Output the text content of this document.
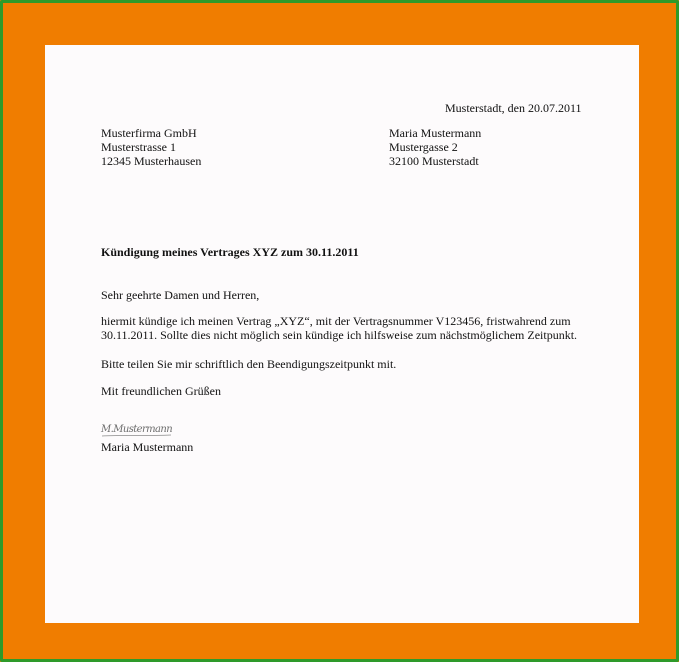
Musterstadt, den 20.07.2011
Musterfirma GmbH
Musterstrasse 1
12345 Musterhausen
Maria Mustermann
Mustergasse 2
32100 Musterstadt
Kündigung meines Vertrages XYZ zum 30.11.2011
Sehr geehrte Damen und Herren,
hiermit kündige ich meinen Vertrag „XYZ“, mit der Vertragsnummer V123456, fristwahrend zum
30.11.2011. Sollte dies nicht möglich sein kündige ich hilfsweise zum nächstmöglichem Zeitpunkt.
Bitte teilen Sie mir schriftlich den Beendigungszeitpunkt mit.
Mit freundlichen Grüßen
M.Mustermann
Maria Mustermann
